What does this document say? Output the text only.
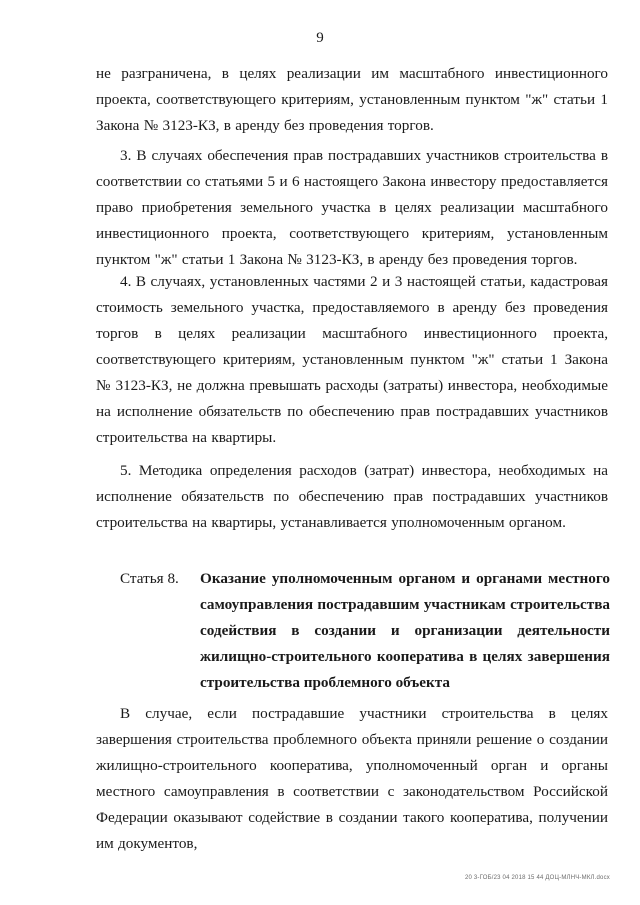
9

не разграничена, в целях реализации им масштабного инвестиционного проекта, соответствующего критериям, установленным пунктом "ж" статьи 1 Закона № 3123-КЗ, в аренду без проведения торгов.

3. В случаях обеспечения прав пострадавших участников строительства в соответствии со статьями 5 и 6 настоящего Закона инвестору предоставляется право приобретения земельного участка в целях реализации масштабного инвестиционного проекта, соответствующего критериям, установленным пунктом "ж" статьи 1 Закона № 3123-КЗ, в аренду без проведения торгов.

4. В случаях, установленных частями 2 и 3 настоящей статьи, кадастровая стоимость земельного участка, предоставляемого в аренду без проведения торгов в целях реализации масштабного инвестиционного проекта, соответствующего критериям, установленным пунктом "ж" статьи 1 Закона № 3123-КЗ, не должна превышать расходы (затраты) инвестора, необходимые на исполнение обязательств по обеспечению прав пострадавших участников строительства на квартиры.

5. Методика определения расходов (затрат) инвестора, необходимых на исполнение обязательств по обеспечению прав пострадавших участников строительства на квартиры, устанавливается уполномоченным органом.

Статья 8. Оказание уполномоченным органом и органами местного самоуправления пострадавшим участникам строительства содействия в создании и организации деятельности жилищно-строительного кооператива в целях завершения строительства проблемного объекта

В случае, если пострадавшие участники строительства в целях завершения строительства проблемного объекта приняли решение о создании жилищно-строительного кооператива, уполномоченный орган и органы местного самоуправления в соответствии с законодательством Российской Федерации оказывают содействие в создании такого кооператива, получении им документов,

20 3-ГОБ/23 04 2018 15 44 ДОЦ-МЛНЧ-МКЛ.docx
